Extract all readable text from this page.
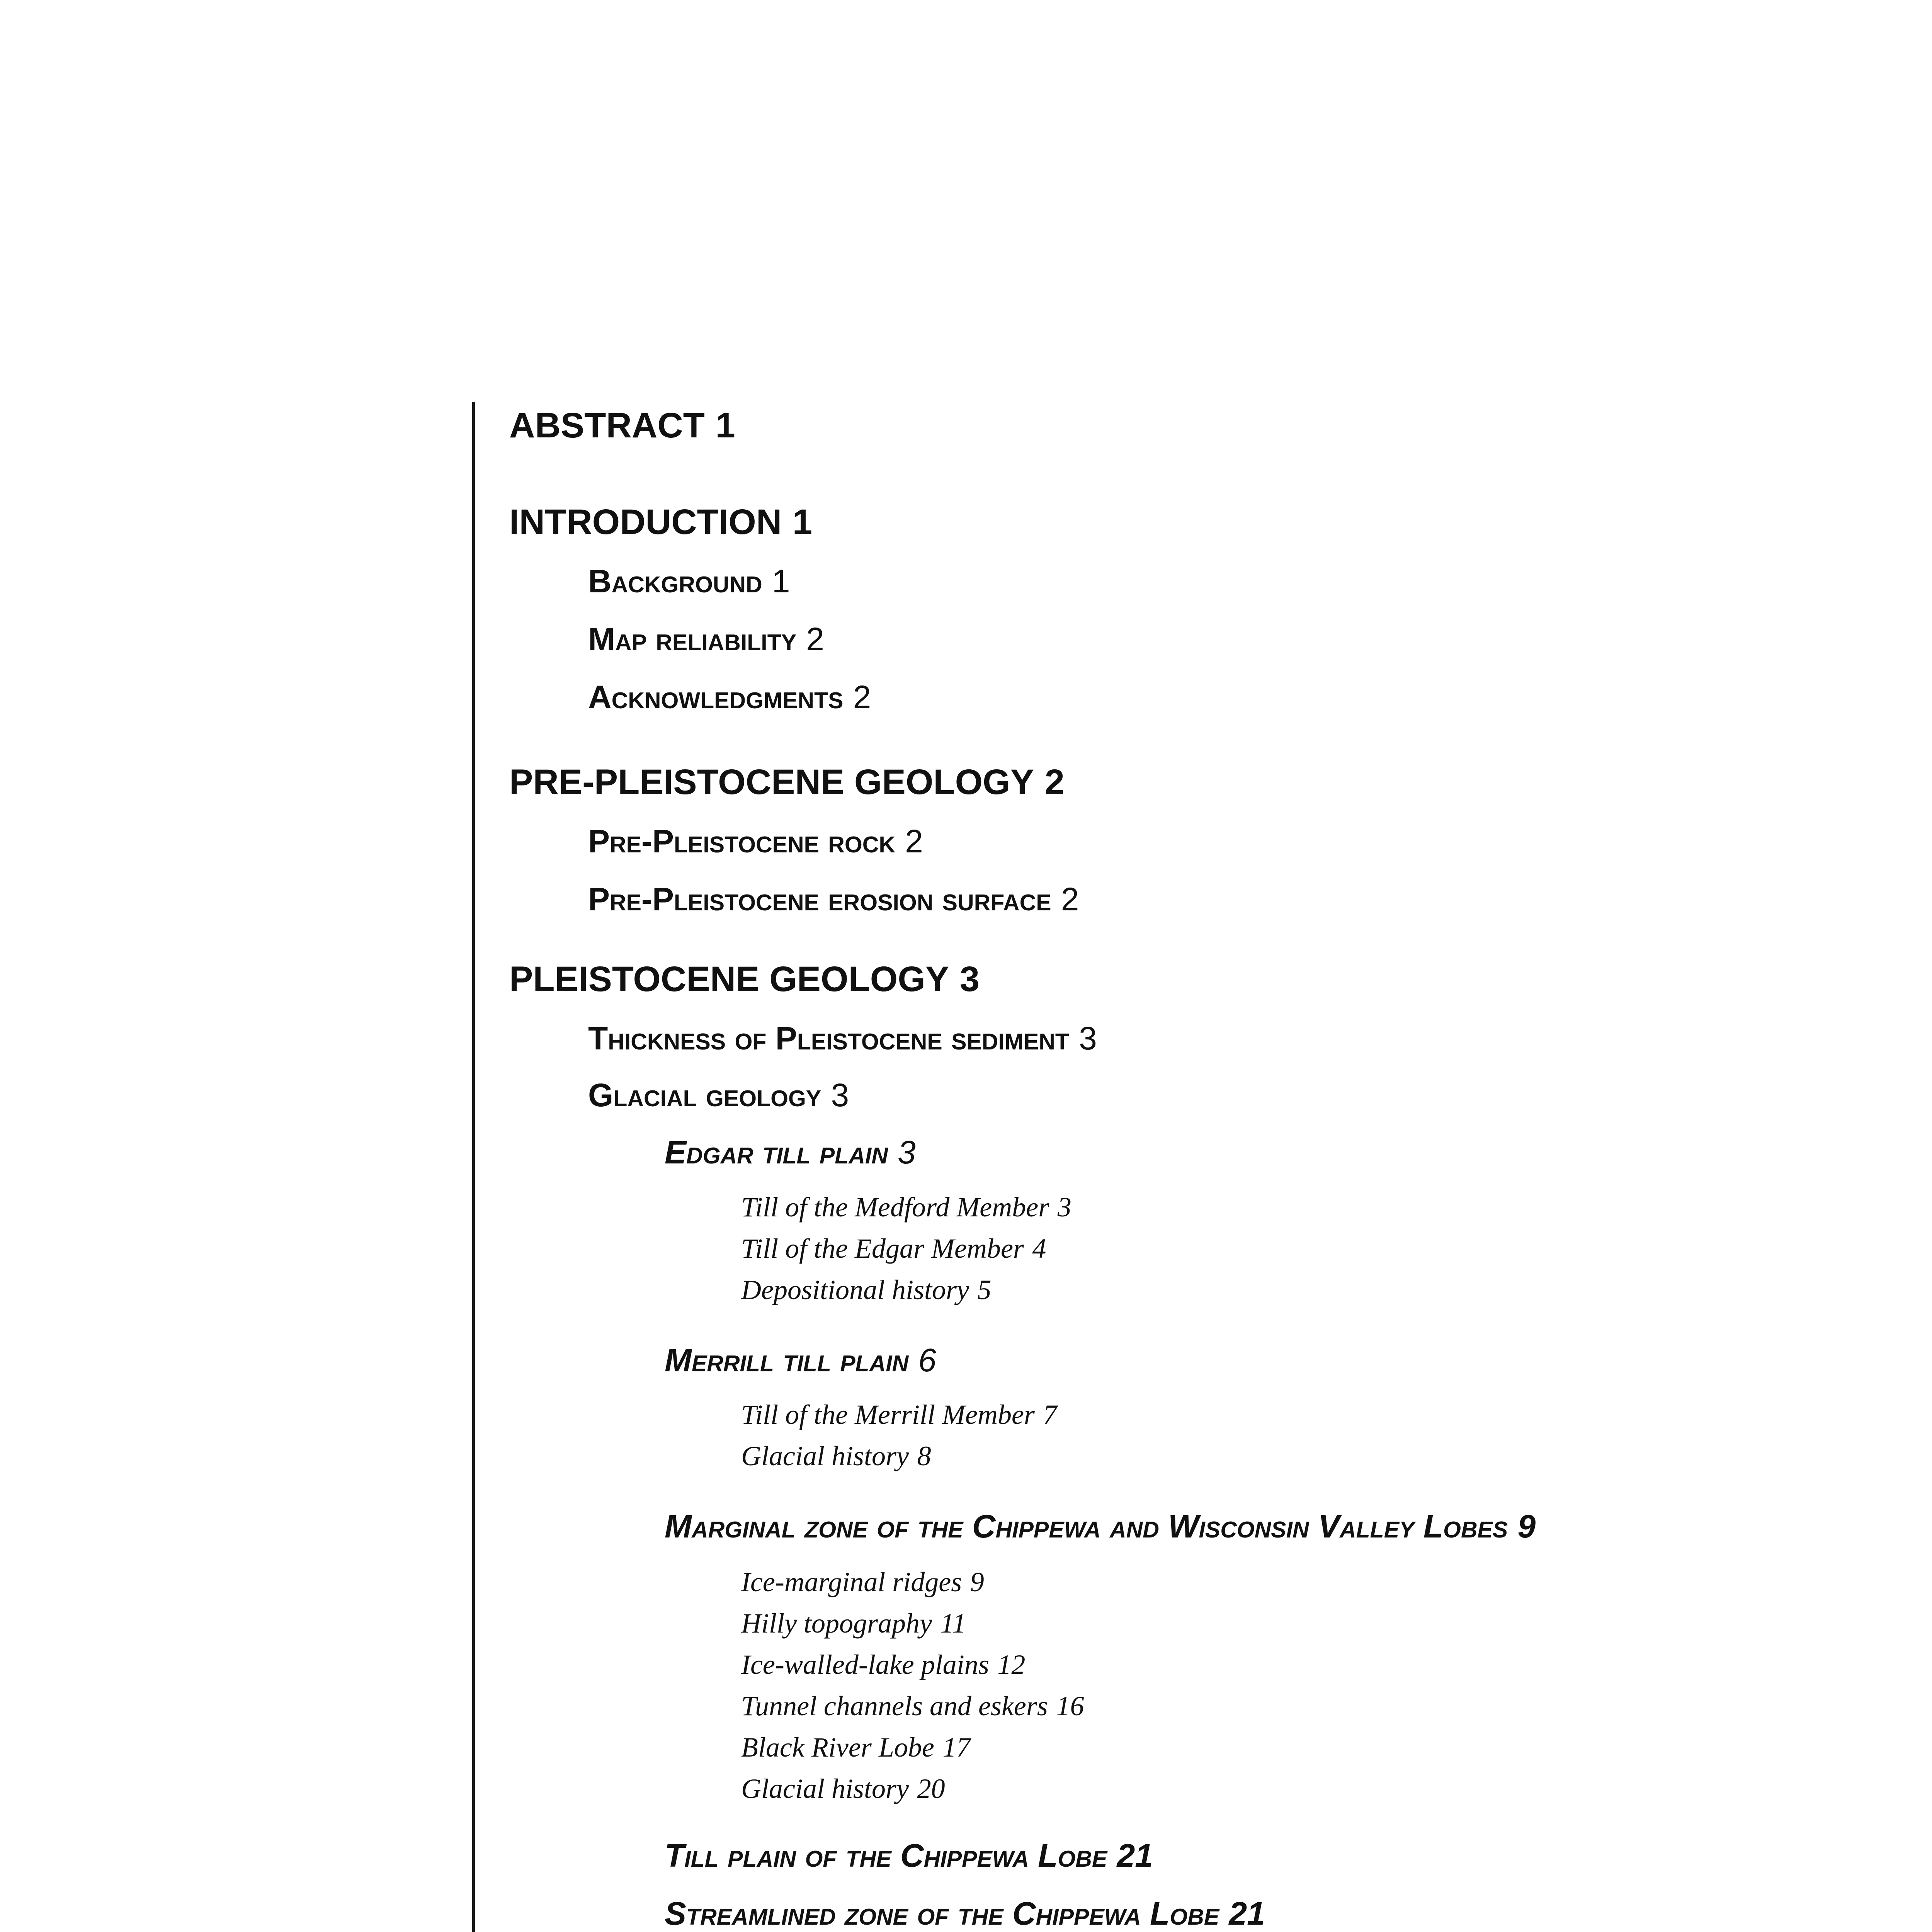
ABSTRACT 1
INTRODUCTION 1
Background 1
Map reliability 2
Acknowledgments 2
PRE-PLEISTOCENE GEOLOGY 2
Pre-Pleistocene rock 2
Pre-Pleistocene erosion surface 2
PLEISTOCENE GEOLOGY 3
Thickness of Pleistocene sediment 3
Glacial geology 3
Edgar till plain 3
Till of the Medford Member 3
Till of the Edgar Member 4
Depositional history 5
Merrill till plain 6
Till of the Merrill Member 7
Glacial history 8
Marginal zone of the Chippewa and Wisconsin Valley Lobes 9
Ice-marginal ridges 9
Hilly topography 11
Ice-walled-lake plains 12
Tunnel channels and eskers 16
Black River Lobe 17
Glacial history 20
Till plain of the Chippewa Lobe 21
Streamlined zone of the Chippewa Lobe 21
